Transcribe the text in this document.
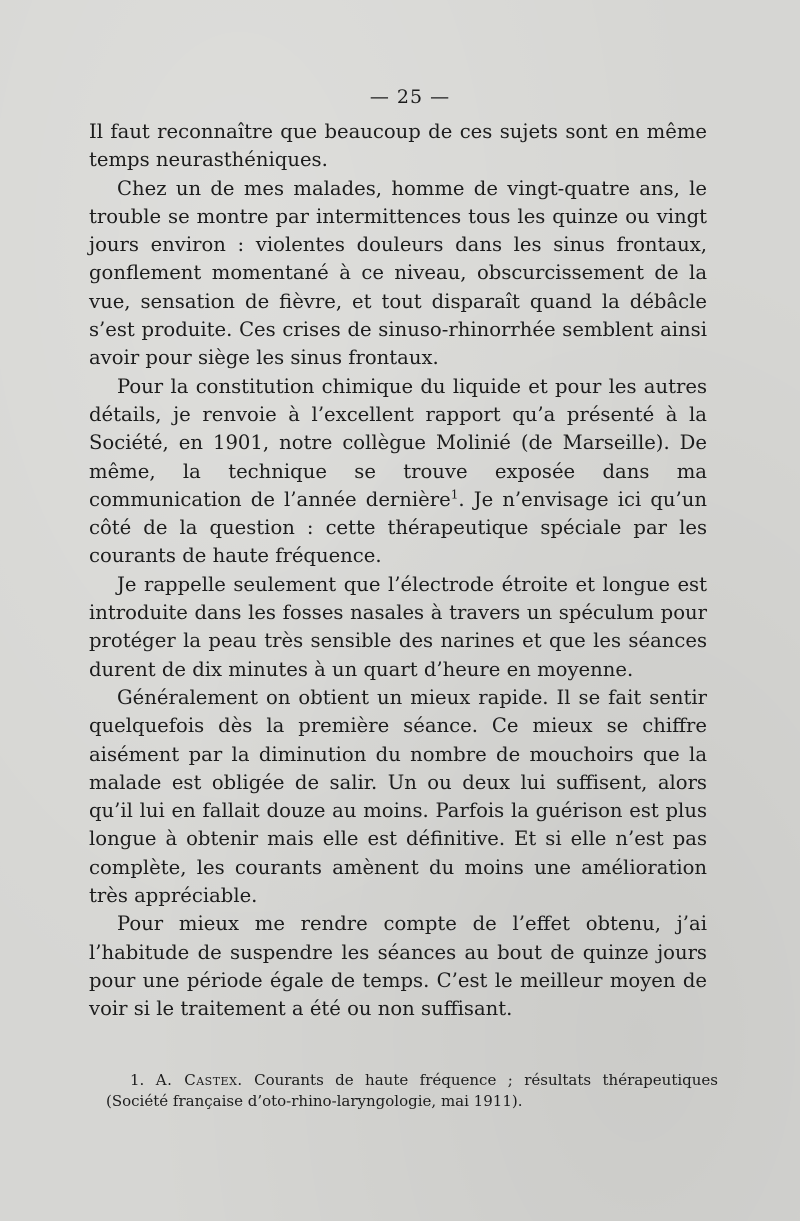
— 25 —

Il faut reconnaître que beaucoup de ces sujets sont en même temps neurasthéniques.

Chez un de mes malades, homme de vingt-quatre ans, le trouble se montre par intermittences tous les quinze ou vingt jours environ : violentes douleurs dans les sinus frontaux, gonflement momentané à ce niveau, obscurcissement de la vue, sensation de fièvre, et tout disparaît quand la débâcle s’est produite. Ces crises de sinuso-rhinorrhée semblent ainsi avoir pour siège les sinus frontaux.

Pour la constitution chimique du liquide et pour les autres détails, je renvoie à l’excellent rapport qu’a présenté à la Société, en 1901, notre collègue Molinié (de Marseille). De même, la technique se trouve exposée dans ma communication de l’année dernière$^1$. Je n’envisage ici qu’un côté de la question : cette thérapeutique spéciale par les courants de haute fréquence.

Je rappelle seulement que l’électrode étroite et longue est introduite dans les fosses nasales à travers un spéculum pour protéger la peau très sensible des narines et que les séances durent de dix minutes à un quart d’heure en moyenne.

Généralement on obtient un mieux rapide. Il se fait sentir quelquefois dès la première séance. Ce mieux se chiffre aisément par la diminution du nombre de mouchoirs que la malade est obligée de salir. Un ou deux lui suffisent, alors qu’il lui en fallait douze au moins. Parfois la guérison est plus longue à obtenir mais elle est définitive. Et si elle n’est pas complète, les courants amènent du moins une amélioration très appréciable.

Pour mieux me rendre compte de l’effet obtenu, j’ai l’habitude de suspendre les séances au bout de quinze jours pour une période égale de temps. C’est le meilleur moyen de voir si le traitement a été ou non suffisant.

1. A. Castex. Courants de haute fréquence ; résultats thérapeutiques (Société française d’oto-rhino-laryngologie, mai 1911).
